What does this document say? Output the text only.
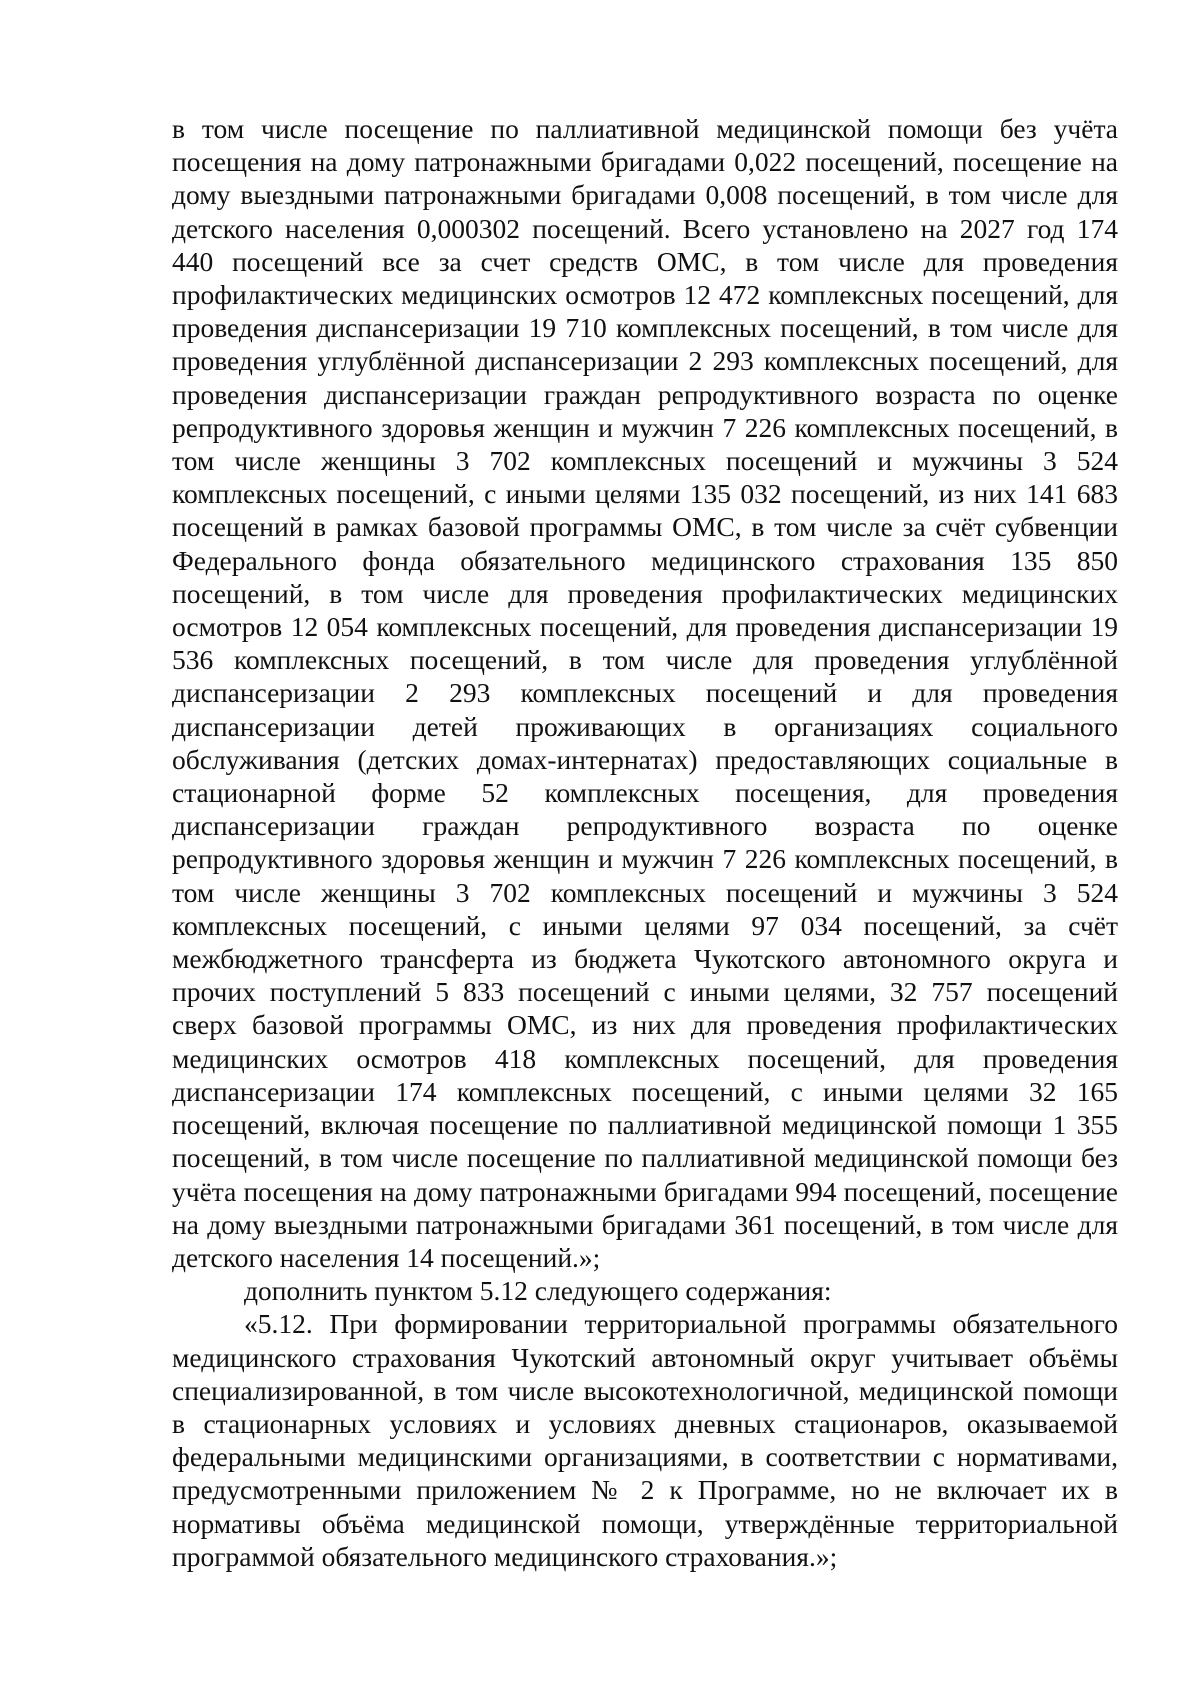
в том числе посещение по паллиативной медицинской помощи без учёта посещения на дому патронажными бригадами 0,022 посещений, посещение на дому выездными патронажными бригадами 0,008 посещений, в том числе для детского населения 0,000302 посещений. Всего установлено на 2027 год 174 440 посещений все за счет средств ОМС, в том числе для проведения профилактических медицинских осмотров 12 472 комплексных посещений, для проведения диспансеризации 19 710 комплексных посещений, в том числе для проведения углублённой диспансеризации 2 293 комплексных посещений, для проведения диспансеризации граждан репродуктивного возраста по оценке репродуктивного здоровья женщин и мужчин 7 226 комплексных посещений, в том числе женщины 3 702 комплексных посещений и мужчины 3 524 комплексных посещений, с иными целями 135 032 посещений, из них 141 683 посещений в рамках базовой программы ОМС, в том числе за счёт субвенции Федерального фонда обязательного медицинского страхования 135 850 посещений, в том числе для проведения профилактических медицинских осмотров 12 054 комплексных посещений, для проведения диспансеризации 19 536 комплексных посещений, в том числе для проведения углублённой диспансеризации 2 293 комплексных посещений и для проведения диспансеризации детей проживающих в организациях социального обслуживания (детских домах-интернатах) предоставляющих социальные в стационарной форме 52 комплексных посещения, для проведения диспансеризации граждан репродуктивного возраста по оценке репродуктивного здоровья женщин и мужчин 7 226 комплексных посещений, в том числе женщины 3 702 комплексных посещений и мужчины 3 524 комплексных посещений, с иными целями 97 034 посещений, за счёт межбюджетного трансферта из бюджета Чукотского автономного округа и прочих поступлений 5 833 посещений с иными целями, 32 757 посещений сверх базовой программы ОМС, из них для проведения профилактических медицинских осмотров 418 комплексных посещений, для проведения диспансеризации 174 комплексных посещений, с иными целями 32 165 посещений, включая посещение по паллиативной медицинской помощи 1 355 посещений, в том числе посещение по паллиативной медицинской помощи без учёта посещения на дому патронажными бригадами 994 посещений, посещение на дому выездными патронажными бригадами 361 посещений, в том числе для детского населения 14 посещений.»;

дополнить пунктом 5.12 следующего содержания:

«5.12. При формировании территориальной программы обязательного медицинского страхования Чукотский автономный округ учитывает объёмы специализированной, в том числе высокотехнологичной, медицинской помощи в стационарных условиях и условиях дневных стационаров, оказываемой федеральными медицинскими организациями, в соответствии с нормативами, предусмотренными приложением № 2 к Программе, но не включает их в нормативы объёма медицинской помощи, утверждённые территориальной программой обязательного медицинского страхования.»;
